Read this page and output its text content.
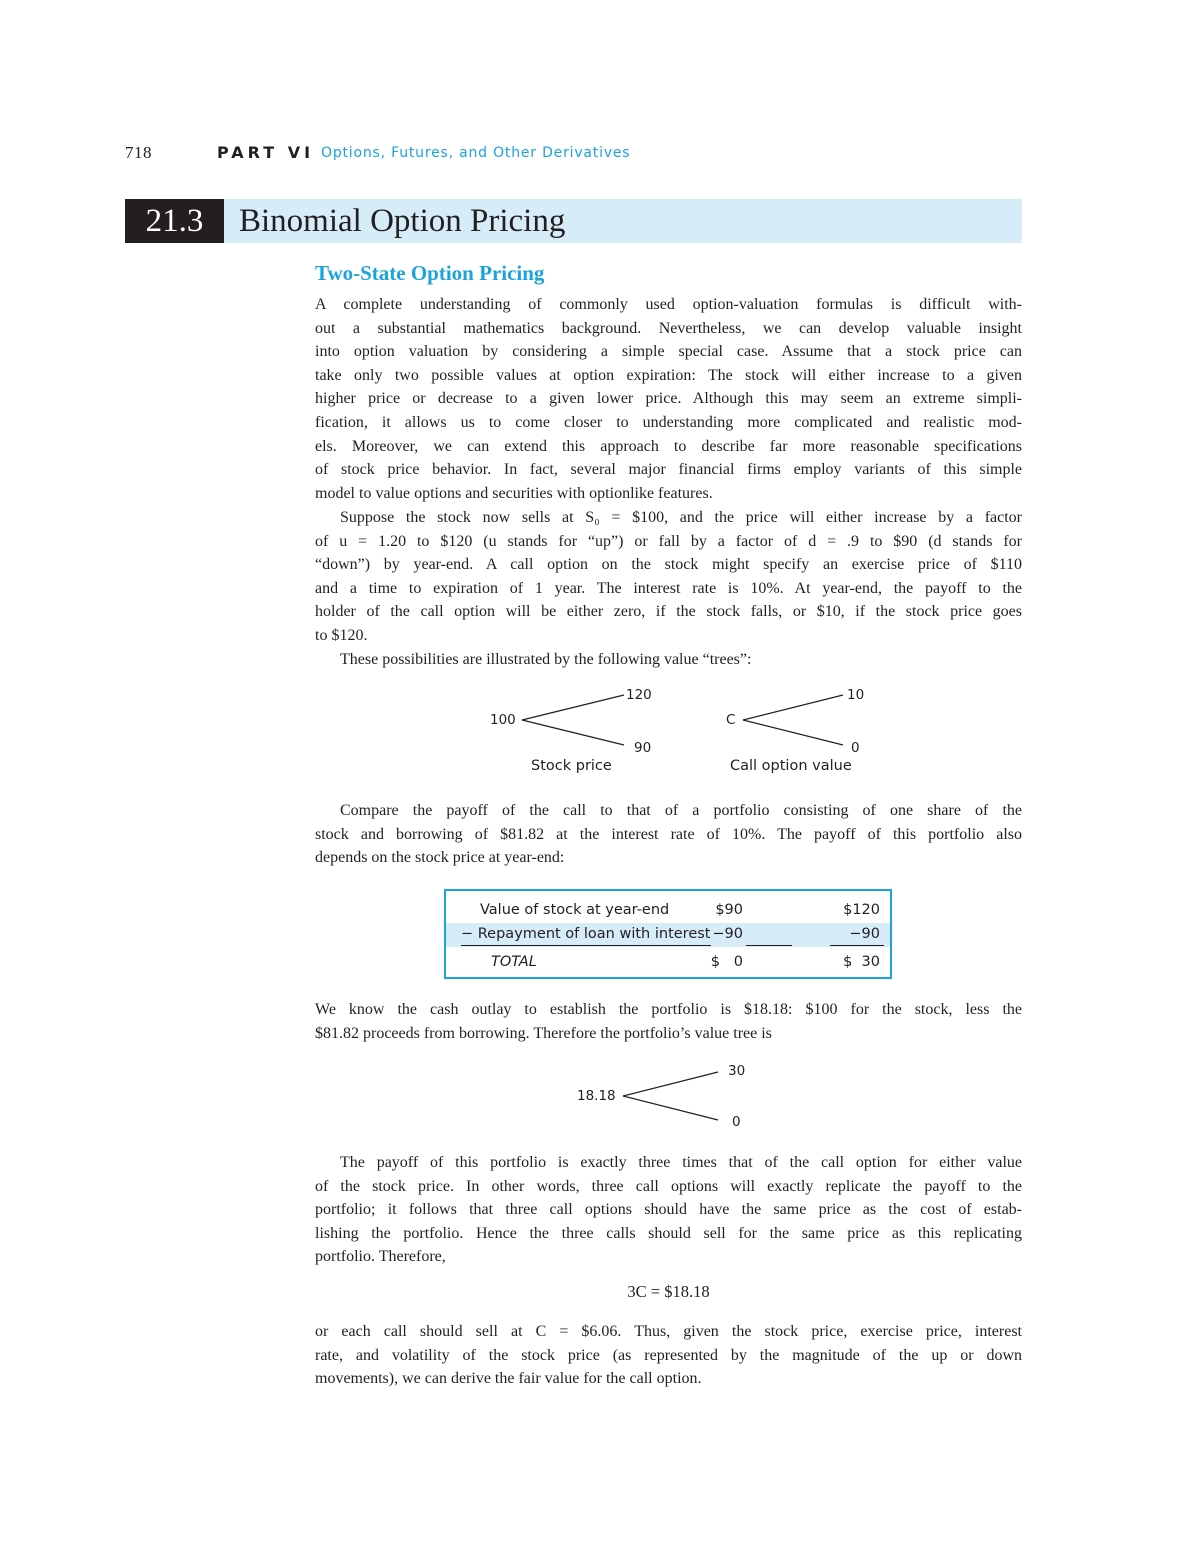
718	PART VI Options, Futures, and Other Derivatives
21.3	Binomial Option Pricing
Two-State Option Pricing
A complete understanding of commonly used option-valuation formulas is difficult with-
out a substantial mathematics background. Nevertheless, we can develop valuable insight
into option valuation by considering a simple special case. Assume that a stock price can
take only two possible values at option expiration: The stock will either increase to a given
higher price or decrease to a given lower price. Although this may seem an extreme simpli-
fication, it allows us to come closer to understanding more complicated and realistic mod-
els. Moreover, we can extend this approach to describe far more reasonable specifications
of stock price behavior. In fact, several major financial firms employ variants of this simple
model to value options and securities with optionlike features.
Suppose the stock now sells at S₀ = $100, and the price will either increase by a factor
of u = 1.20 to $120 (u stands for “up”) or fall by a factor of d = .9 to $90 (d stands for
“down”) by year-end. A call option on the stock might specify an exercise price of $110
and a time to expiration of 1 year. The interest rate is 10%. At year-end, the payoff to the
holder of the call option will be either zero, if the stock falls, or $10, if the stock price goes
to $120.
These possibilities are illustrated by the following value “trees”:
100
120
90
Stock price
C
10
0
Call option value
Compare the payoff of the call to that of a portfolio consisting of one share of the
stock and borrowing of $81.82 at the interest rate of 10%. The payoff of this portfolio also
depends on the stock price at year-end:
Value of stock at year-end	$90	$120
− Repayment of loan with interest −90	−90
TOTAL	$   0	$  30
We know the cash outlay to establish the portfolio is $18.18: $100 for the stock, less the
$81.82 proceeds from borrowing. Therefore the portfolio’s value tree is
18.18
30
0
The payoff of this portfolio is exactly three times that of the call option for either value
of the stock price. In other words, three call options will exactly replicate the payoff to the
portfolio; it follows that three call options should have the same price as the cost of estab-
lishing the portfolio. Hence the three calls should sell for the same price as this replicating
portfolio. Therefore,
3C = $18.18
or each call should sell at C = $6.06. Thus, given the stock price, exercise price, interest
rate, and volatility of the stock price (as represented by the magnitude of the up or down
movements), we can derive the fair value for the call option.
